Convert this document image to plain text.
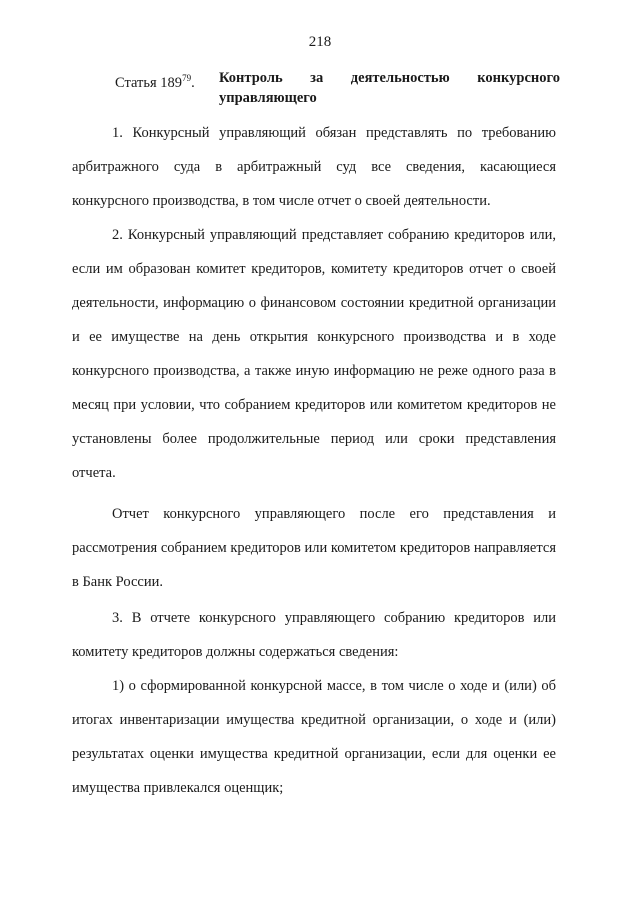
218
Статья $189^{79}$. Контроль за деятельностью конкурсного
управляющего

1. Конкурсный управляющий обязан представлять по требованию арбитражного суда в арбитражный суд все сведения, касающиеся конкурсного производства, в том числе отчет о своей деятельности.

2. Конкурсный управляющий представляет собранию кредиторов или, если им образован комитет кредиторов, комитету кредиторов отчет о своей деятельности, информацию о финансовом состоянии кредитной организации и ее имуществе на день открытия конкурсного производства и в ходе конкурсного производства, а также иную информацию не реже одного раза в месяц при условии, что собранием кредиторов или комитетом кредиторов не установлены более продолжительные период или сроки представления отчета.

Отчет конкурсного управляющего после его представления и рассмотрения собранием кредиторов или комитетом кредиторов направляется в Банк России.

3. В отчете конкурсного управляющего собранию кредиторов или комитету кредиторов должны содержаться сведения:

1) о сформированной конкурсной массе, в том числе о ходе и (или) об итогах инвентаризации имущества кредитной организации, о ходе и (или) результатах оценки имущества кредитной организации, если для оценки ее имущества привлекался оценщик;
